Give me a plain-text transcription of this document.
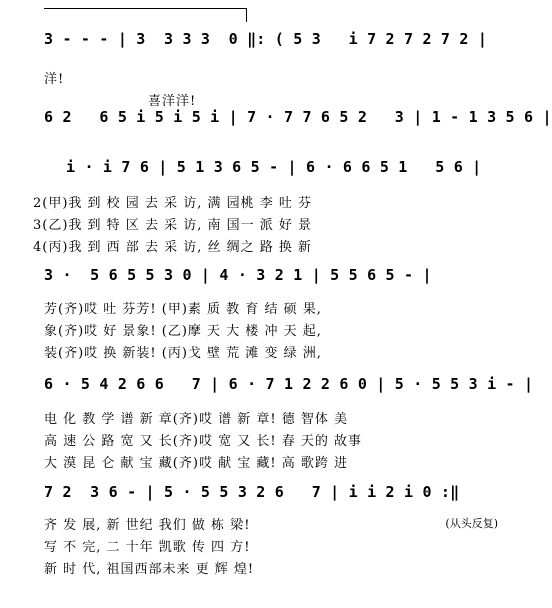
3 - - - | 3  3 3 3  0 ‖: ( 5 3   i 7 2 7 2 7 2 |
洋!
喜洋洋!
6 2   6 5 i 5 i 5 i | 7 · 7 7 6 5 2   3 | 1 - 1 3 5 6 |
i · i 7 6 | 5 1 3 6 5 - | 6 · 6 6 5 1   5 6 |
2(甲)我 到 校 园 去 采 访, 满 园桃 李 吐 芬
3(乙)我 到 特 区 去 采 访, 南 国一 派 好 景
4(丙)我 到 西 部 去 采 访, 丝 绸之 路 换 新
3 ·  5 6 5 5 3 0 | 4 · 3 2 1 | 5 5 6 5 - |
芳(齐)哎 吐 芬芳! (甲)素 质 教 育 结 硕 果,
象(齐)哎 好 景象! (乙)摩 天 大 楼 冲 天 起,
装(齐)哎 换 新装! (丙)戈 壁 荒 滩 变 绿 洲,
6 · 5 4 2 6 6   7 | 6 · 7 1 2 2 6 0 | 5 · 5 5 3 i - |
电 化 教 学 谱 新 章(齐)哎 谱 新 章! 德 智体 美
高 速 公 路 宽 又 长(齐)哎 宽 又 长! 春 天的 故事
大 漠 昆 仑 献 宝 藏(齐)哎 献 宝 藏! 高 歌跨 进
7 2  3 6 - | 5 · 5 5 3 2 6   7 | i i 2 i 0 :‖
齐 发 展, 新 世纪 我们 做 栋 梁!
写 不 完, 二 十年 凯歌 传 四 方!
新 时 代, 祖国西部未来 更 辉 煌!
(从头反复)
